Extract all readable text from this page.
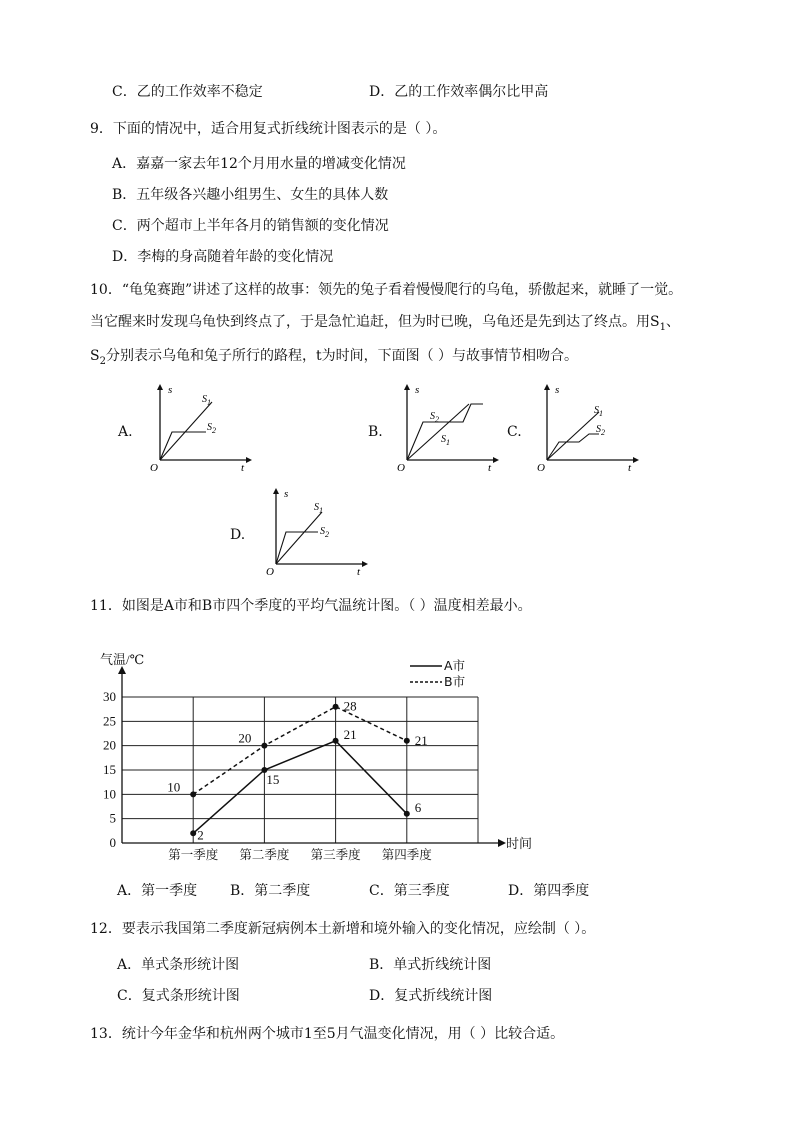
C．乙的工作效率不稳定	D．乙的工作效率偶尔比甲高
9．下面的情况中，适合用复式折线统计图表示的是（ ）。
A．嘉嘉一家去年12个月用水量的增减变化情况
B．五年级各兴趣小组男生、女生的具体人数
C．两个超市上半年各月的销售额的变化情况
D．李梅的身高随着年龄的变化情况
10．“龟兔赛跑”讲述了这样的故事：领先的兔子看着慢慢爬行的乌龟，骄傲起来，就睡了一觉。
当它醒来时发现乌龟快到终点了，于是急忙追赶，但为时已晚，乌龟还是先到达了终点。用$S_1$、
$S_2$分别表示乌龟和兔子所行的路程，t为时间，下面图（ ）与故事情节相吻合。
A.	B.	C.
D.
s
t
O
$S_1$
$S_2$
s
t
O
$S_2$
$S_1$
s
t
O
$S_1$
$S_2$
s
t
O
$S_1$
$S_2$
11．如图是A市和B市四个季度的平均气温统计图。（ ）温度相差最小。
0
5
10
15
20
25
30
第一季度 第二季度 第三季度 第四季度
2
15
21
6
10
20
28
21
A市
B市
气温/℃
时间
A．第一季度 B．第二季度	C．第三季度	D．第四季度
12．要表示我国第二季度新冠病例本土新增和境外输入的变化情况，应绘制（ ）。
A．单式条形统计图	B．单式折线统计图
C．复式条形统计图	D．复式折线统计图
13．统计今年金华和杭州两个城市1至5月气温变化情况，用（ ）比较合适。
